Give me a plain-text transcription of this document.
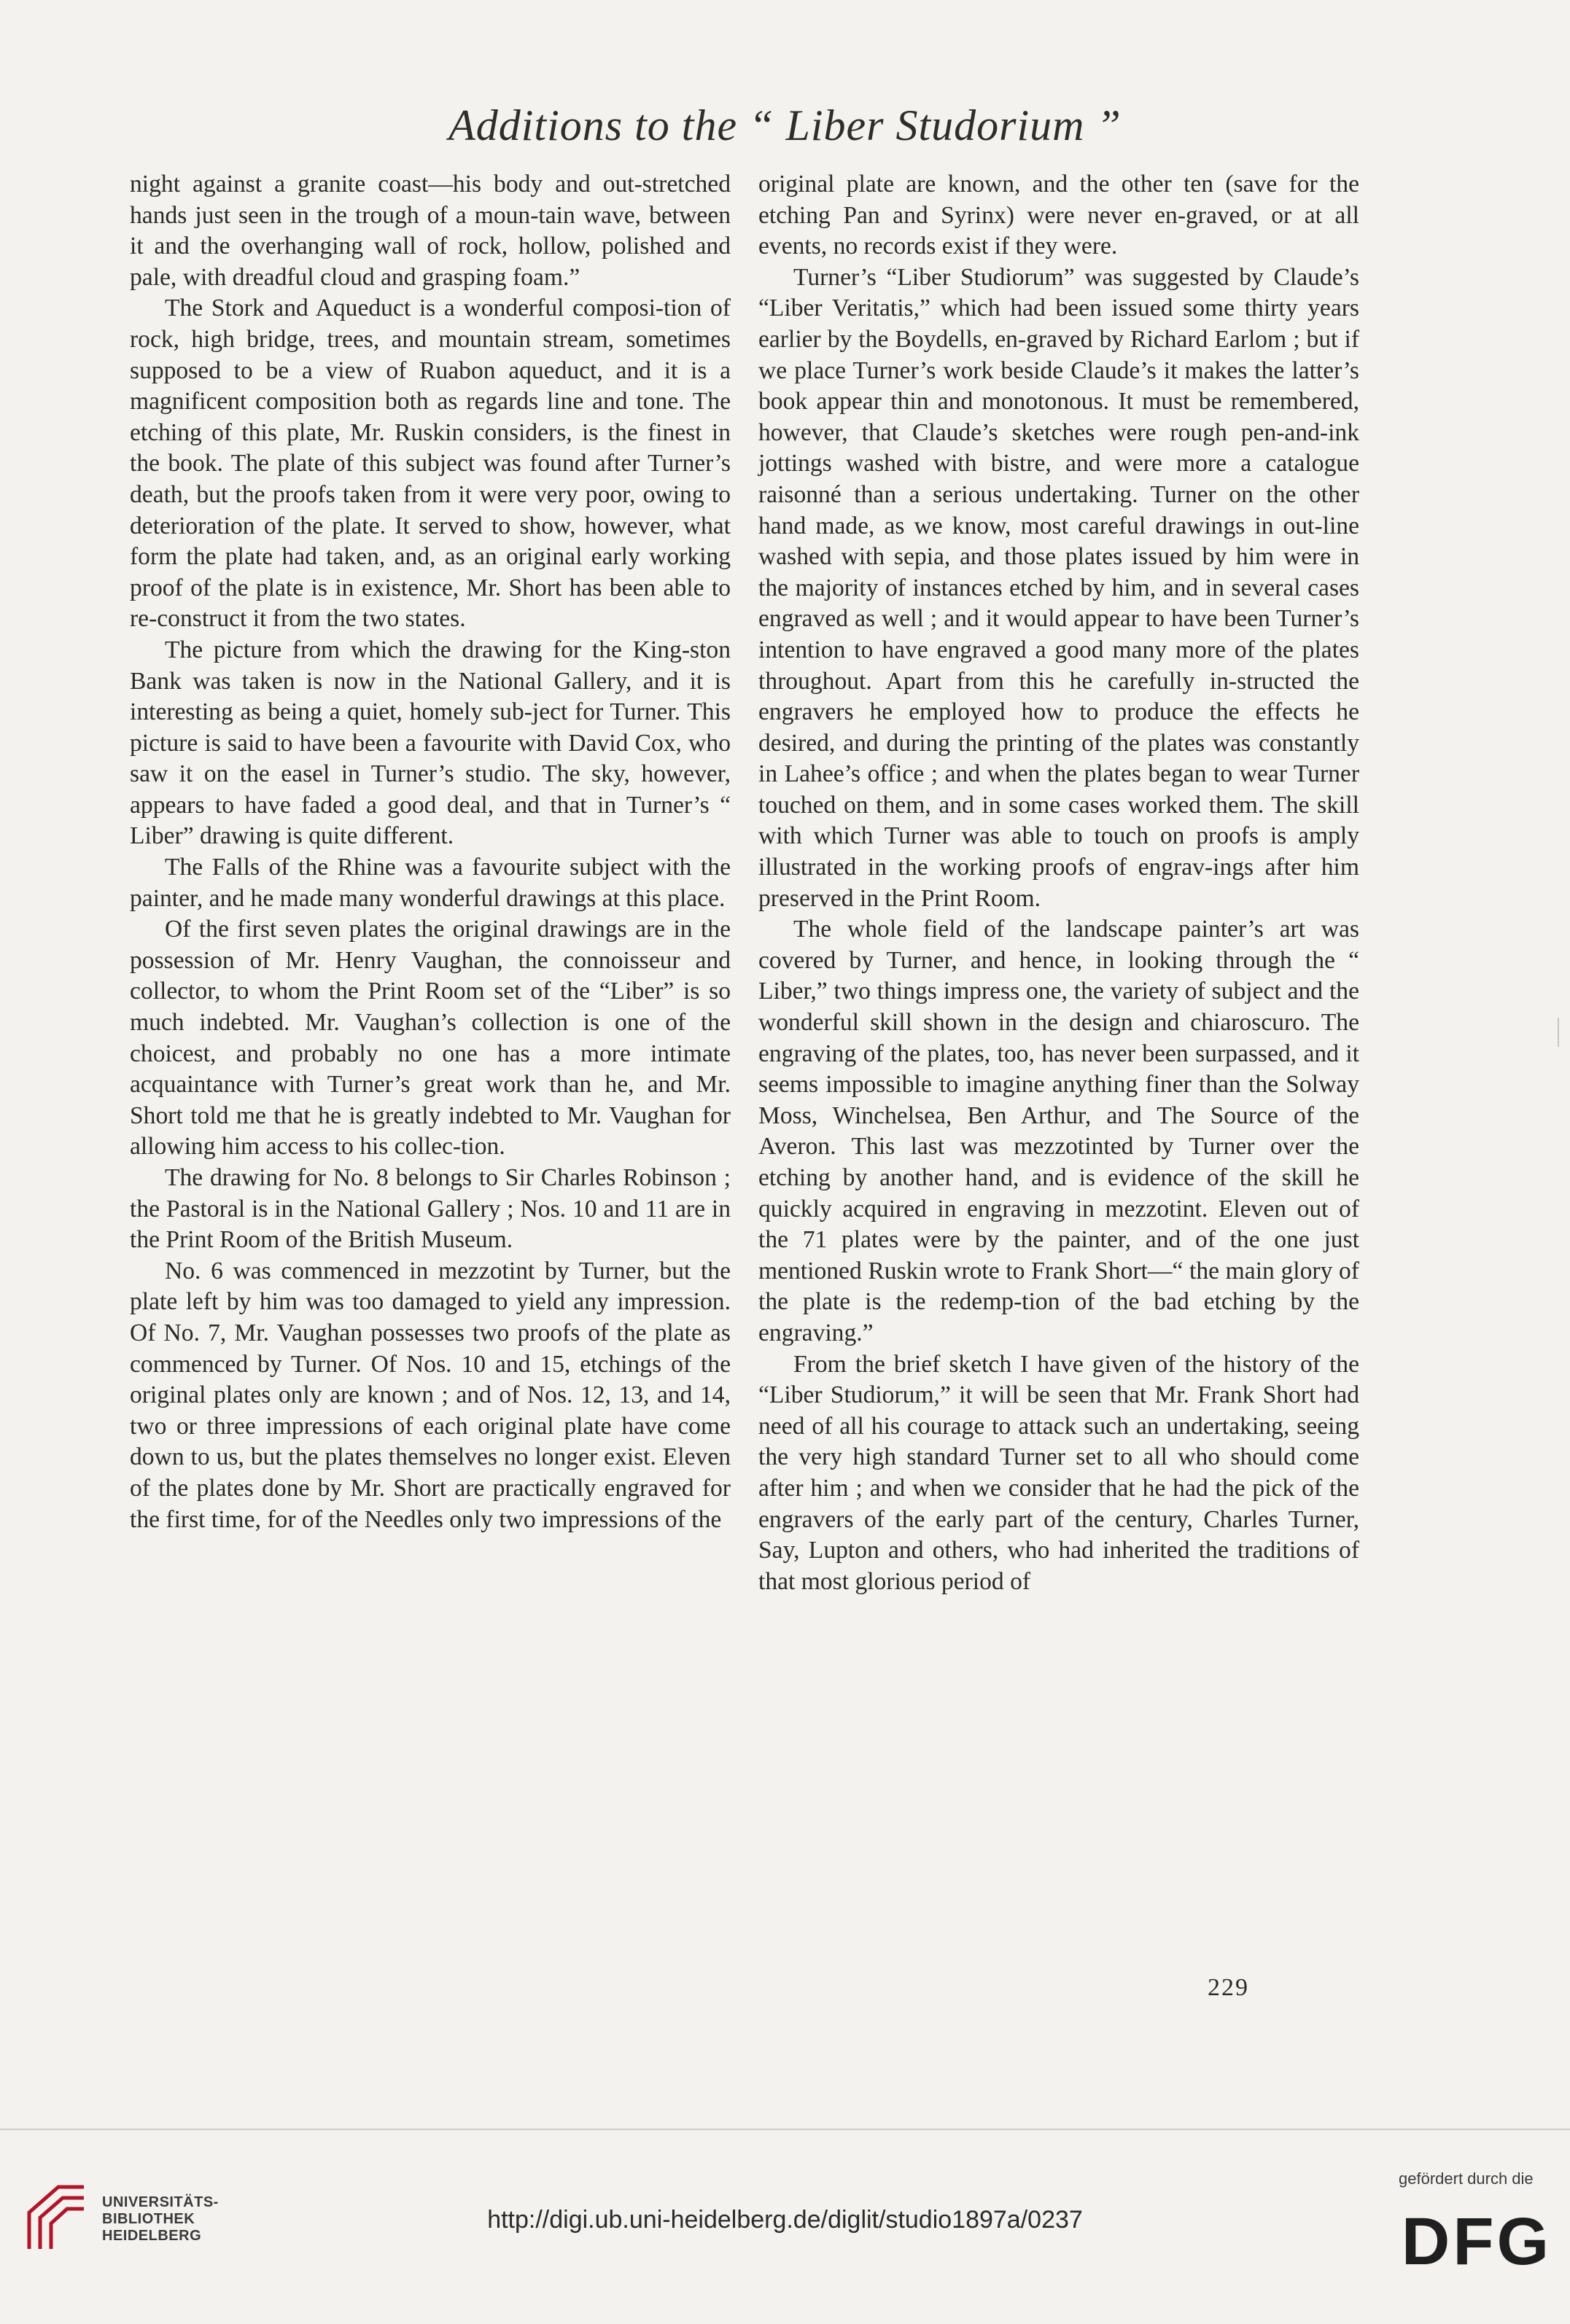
Additions to the “ Liber Studorium ”

night against a granite coast—his body and out-stretched hands just seen in the trough of a moun-tain wave, between it and the overhanging wall of rock, hollow, polished and pale, with dreadful cloud and grasping foam.”

The Stork and Aqueduct is a wonderful composi-tion of rock, high bridge, trees, and mountain stream, sometimes supposed to be a view of Ruabon aqueduct, and it is a magnificent composition both as regards line and tone. The etching of this plate, Mr. Ruskin considers, is the finest in the book. The plate of this subject was found after Turner’s death, but the proofs taken from it were very poor, owing to deterioration of the plate. It served to show, however, what form the plate had taken, and, as an original early working proof of the plate is in existence, Mr. Short has been able to re-construct it from the two states.

The picture from which the drawing for the King-ston Bank was taken is now in the National Gallery, and it is interesting as being a quiet, homely sub-ject for Turner. This picture is said to have been a favourite with David Cox, who saw it on the easel in Turner’s studio. The sky, however, appears to have faded a good deal, and that in Turner’s “ Liber” drawing is quite different.

The Falls of the Rhine was a favourite subject with the painter, and he made many wonderful drawings at this place.

Of the first seven plates the original drawings are in the possession of Mr. Henry Vaughan, the connoisseur and collector, to whom the Print Room set of the “Liber” is so much indebted. Mr. Vaughan’s collection is one of the choicest, and probably no one has a more intimate acquaintance with Turner’s great work than he, and Mr. Short told me that he is greatly indebted to Mr. Vaughan for allowing him access to his collec-tion.

The drawing for No. 8 belongs to Sir Charles Robinson ; the Pastoral is in the National Gallery ; Nos. 10 and 11 are in the Print Room of the British Museum.

No. 6 was commenced in mezzotint by Turner, but the plate left by him was too damaged to yield any impression. Of No. 7, Mr. Vaughan possesses two proofs of the plate as commenced by Turner. Of Nos. 10 and 15, etchings of the original plates only are known ; and of Nos. 12, 13, and 14, two or three impressions of each original plate have come down to us, but the plates themselves no longer exist. Eleven of the plates done by Mr. Short are practically engraved for the first time, for of the Needles only two impressions of the

original plate are known, and the other ten (save for the etching Pan and Syrinx) were never en-graved, or at all events, no records exist if they were.

Turner’s “Liber Studiorum” was suggested by Claude’s “Liber Veritatis,” which had been issued some thirty years earlier by the Boydells, en-graved by Richard Earlom ; but if we place Turner’s work beside Claude’s it makes the latter’s book appear thin and monotonous. It must be remembered, however, that Claude’s sketches were rough pen-and-ink jottings washed with bistre, and were more a catalogue raisonné than a serious undertaking. Turner on the other hand made, as we know, most careful drawings in out-line washed with sepia, and those plates issued by him were in the majority of instances etched by him, and in several cases engraved as well ; and it would appear to have been Turner’s intention to have engraved a good many more of the plates throughout. Apart from this he carefully in-structed the engravers he employed how to produce the effects he desired, and during the printing of the plates was constantly in Lahee’s office ; and when the plates began to wear Turner touched on them, and in some cases worked them. The skill with which Turner was able to touch on proofs is amply illustrated in the working proofs of engrav-ings after him preserved in the Print Room.

The whole field of the landscape painter’s art was covered by Turner, and hence, in looking through the “ Liber,” two things impress one, the variety of subject and the wonderful skill shown in the design and chiaroscuro. The engraving of the plates, too, has never been surpassed, and it seems impossible to imagine anything finer than the Solway Moss, Winchelsea, Ben Arthur, and The Source of the Averon. This last was mezzotinted by Turner over the etching by another hand, and is evidence of the skill he quickly acquired in engraving in mezzotint. Eleven out of the 71 plates were by the painter, and of the one just mentioned Ruskin wrote to Frank Short—“ the main glory of the plate is the redemp-tion of the bad etching by the engraving.”

From the brief sketch I have given of the history of the “Liber Studiorum,” it will be seen that Mr. Frank Short had need of all his courage to attack such an undertaking, seeing the very high standard Turner set to all who should come after him ; and when we consider that he had the pick of the engravers of the early part of the century, Charles Turner, Say, Lupton and others, who had inherited the traditions of that most glorious period of

229
UNIVERSITÄTS-
BIBLIOTHEK
HEIDELBERG
http://digi.ub.uni-heidelberg.de/diglit/studio1897a/0237
gefördert durch die
DFG
